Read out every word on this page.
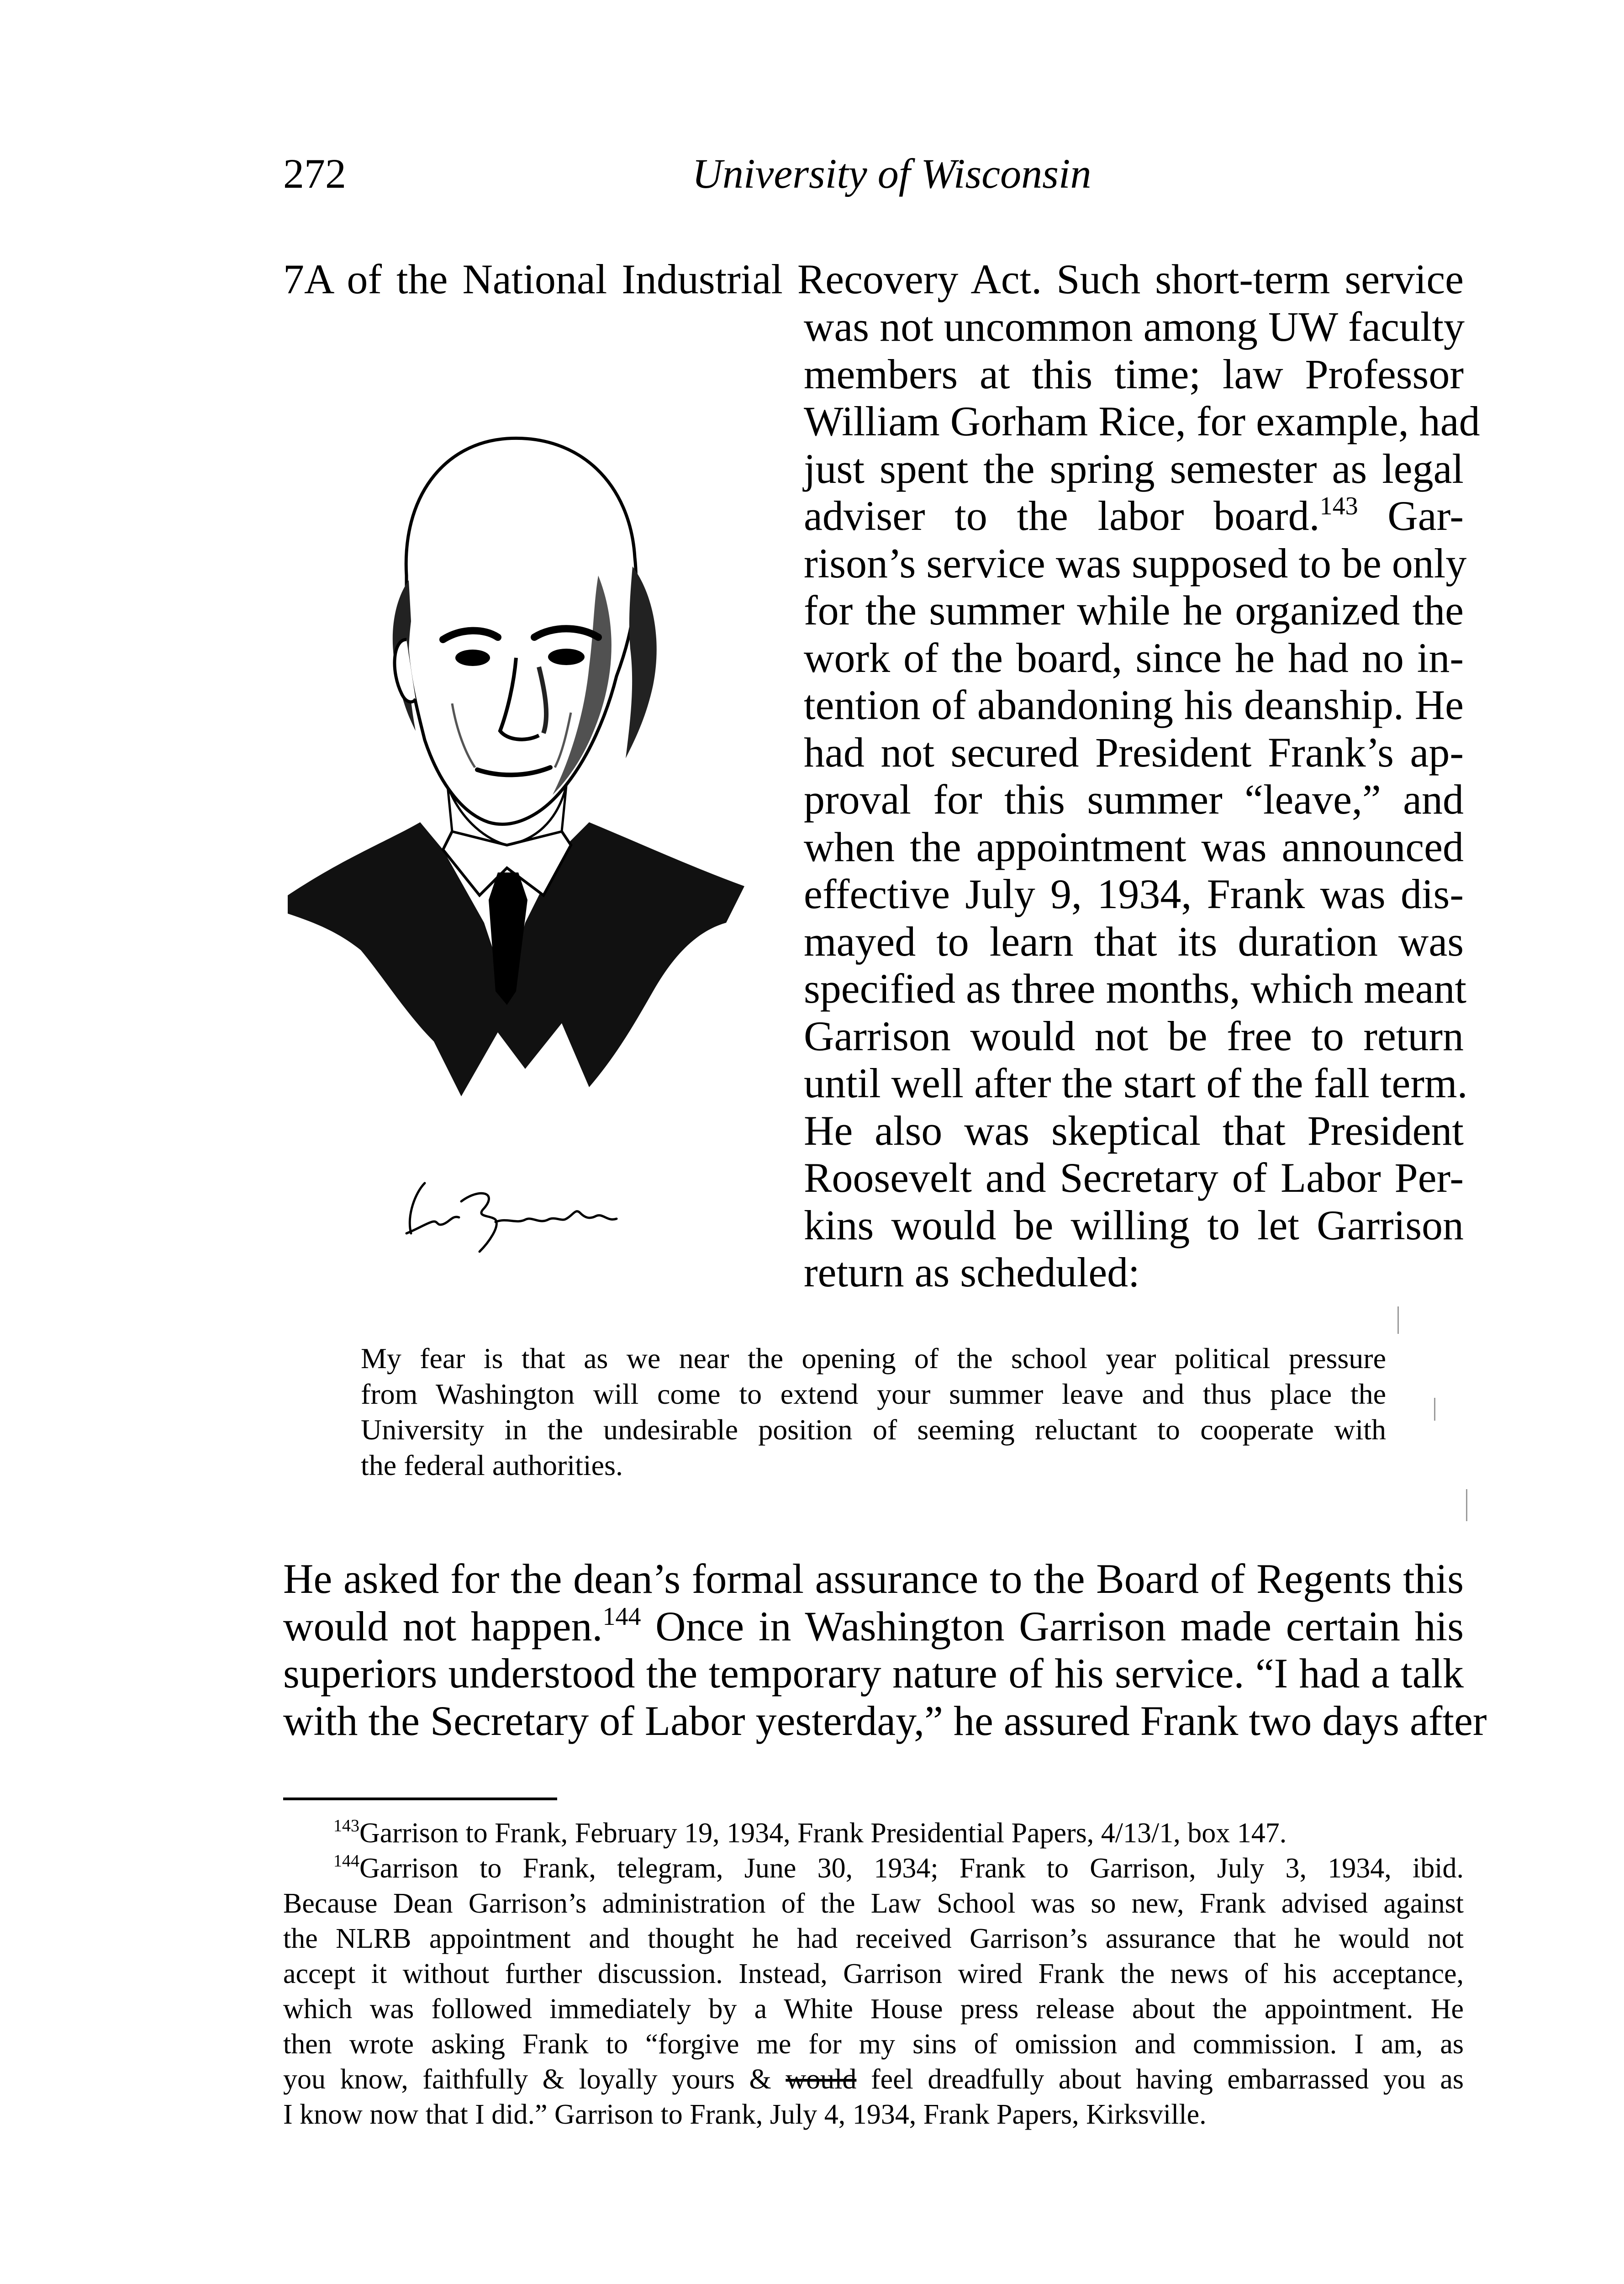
272	University of Wisconsin
7A of the National Industrial Recovery Act. Such short-term service
was not uncommon among UW faculty
members at this time; law Professor
William Gorham Rice, for example, had
just spent the spring semester as legal
adviser to the labor board.$^{143}$ Gar-
rison’s service was supposed to be only
for the summer while he organized the
work of the board, since he had no in-
tention of abandoning his deanship. He
had not secured President Frank’s ap-
proval for this summer “leave,” and
when the appointment was announced
effective July 9, 1934, Frank was dis-
mayed to learn that its duration was
specified as three months, which meant
Garrison would not be free to return
until well after the start of the fall term.
He also was skeptical that President
Roosevelt and Secretary of Labor Per-
kins would be willing to let Garrison
return as scheduled:
My fear is that as we near the opening of the school year political pressure
from Washington will come to extend your summer leave and thus place the
University in the undesirable position of seeming reluctant to cooperate with
the federal authorities.
He asked for the dean’s formal assurance to the Board of Regents this
would not happen.$^{144}$ Once in Washington Garrison made certain his
superiors understood the temporary nature of his service. “I had a talk
with the Secretary of Labor yesterday,” he assured Frank two days after
$^{143}$Garrison to Frank, February 19, 1934, Frank Presidential Papers, 4/13/1, box 147.
$^{144}$Garrison to Frank, telegram, June 30, 1934; Frank to Garrison, July 3, 1934, ibid.
Because Dean Garrison’s administration of the Law School was so new, Frank advised against
the NLRB appointment and thought he had received Garrison’s assurance that he would not
accept it without further discussion. Instead, Garrison wired Frank the news of his acceptance,
which was followed immediately by a White House press release about the appointment. He
then wrote asking Frank to “forgive me for my sins of omission and commission. I am, as
you know, faithfully & loyally yours & would feel dreadfully about having embarrassed you as
I know now that I did.” Garrison to Frank, July 4, 1934, Frank Papers, Kirksville.
